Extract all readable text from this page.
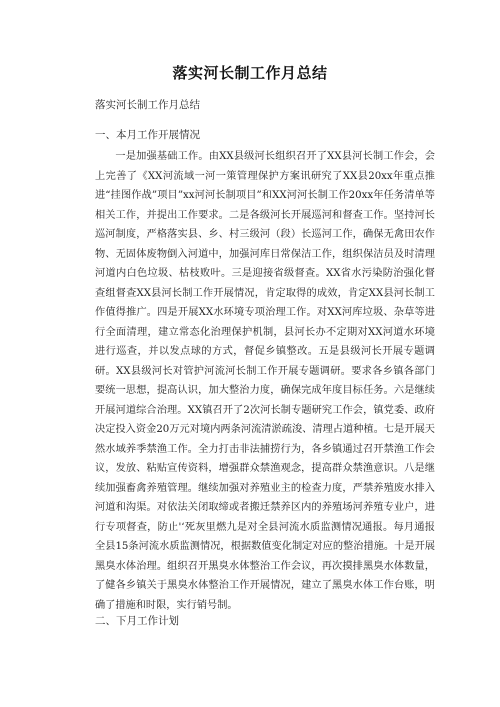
落实河长制工作月总结
落实河长制工作月总结
一、本月工作开展情况
一是加强基础工作。由XX县级河长组织召开了XX县河长制工作会，会上完善了《XX河流域一河一策管理保护方案讯研究了XX县20xx年重点推进“挂图作战”项目”xx河河长制项目”和XX河河长制工作20xx年任务清单等相关工作，并提出工作要求。二是各级河长开展巡河和督查工作。坚持河长巡河制度，严格落实县、乡、村三级河（段）长巡河工作，确保无禽田农作物、无固体废物倒入河道中，加强河库日常保洁工作，组织保洁员及时清理河道内白色垃圾、枯枝败叶。三是迎接省级督查。XX省水污染防治强化督查组督查XX县河长制工作开展情况，肯定取得的成效，肯定XX县河长制工作值得推广。四是开展XX水环境专项治理工作。对XX河库垃圾、杂草等进行全面清理，建立常态化治理保护机制，县河长办不定期对XX河道水环境进行巡查，并以发点球的方式，督促乡镇整改。五是县级河长开展专题调研。XX县级河长对管护河流河长制工作开展专题调研。要求各乡镇各部门要统一思想，提高认识，加大整治力度，确保完成年度目标任务。六是继续开展河道综合治理。XX镇召开了2次河长制专题研究工作会，镇党委、政府决定投入资金20万元对境内两条河流清淤疏浚、清理占道种植。七是开展天然水域养季禁渔工作。全力打击非法捕捞行为，各乡镇通过召开禁渔工作会议，发放、粘贴宣传资料，增强群众禁渔观念，提高群众禁渔意识。八是继续加强畜禽养殖管理。继续加强对养殖业主的检查力度，严禁养殖废水排入河道和沟渠。对依法关闭取缔或者搬迁禁养区内的养殖场河养殖专业户，进行专项督查，防止'‘死灰里燃九是对全县河流水质监测情况通报。每月通报全县15条河流水质监测情况，根据数值变化制定对应的整治措施。十是开展黑臭水体治理。组织召开黑臭水体整治工作会议，再次摸排黑臭水体数量，了健各乡镇关于黑臭水体整治工作开展情况，建立了黑臭水体工作台账，明确了措施和时限，实行销号制。
二、下月工作计划
